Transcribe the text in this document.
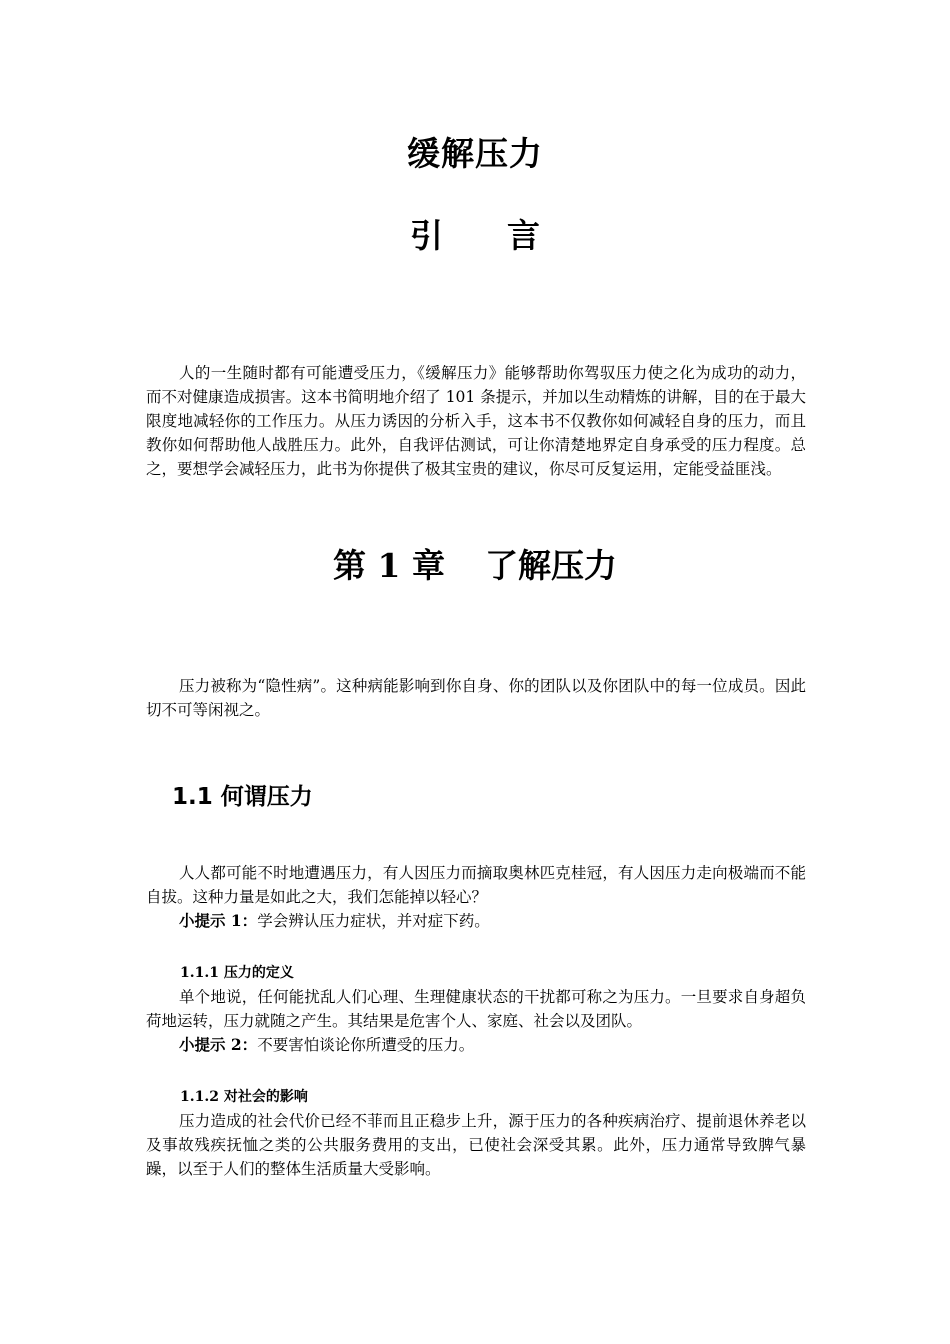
缓解压力
引 言

人的一生随时都有可能遭受压力，《缓解压力》能够帮助你驾驭压力使之化为成功的动力，而不对健康造成损害。这本书简明地介绍了 101 条提示，并加以生动精炼的讲解，目的在于最大限度地减轻你的工作压力。从压力诱因的分析入手，这本书不仅教你如何减轻自身的压力，而且教你如何帮助他人战胜压力。此外，自我评估测试，可让你清楚地界定自身承受的压力程度。总之，要想学会减轻压力，此书为你提供了极其宝贵的建议，你尽可反复运用，定能受益匪浅。

第 1 章 了解压力

压力被称为“隐性病”。这种病能影响到你自身、你的团队以及你团队中的每一位成员。因此切不可等闲视之。

1.1 何谓压力

人人都可能不时地遭遇压力，有人因压力而摘取奥林匹克桂冠，有人因压力走向极端而不能自拔。这种力量是如此之大，我们怎能掉以轻心？

小提示 1：学会辨认压力症状，并对症下药。

1.1.1 压力的定义

单个地说，任何能扰乱人们心理、生理健康状态的干扰都可称之为压力。一旦要求自身超负荷地运转，压力就随之产生。其结果是危害个人、家庭、社会以及团队。

小提示 2：不要害怕谈论你所遭受的压力。

1.1.2 对社会的影响

压力造成的社会代价已经不菲而且正稳步上升，源于压力的各种疾病治疗、提前退休养老以及事故残疾抚恤之类的公共服务费用的支出，已使社会深受其累。此外，压力通常导致脾气暴躁，以至于人们的整体生活质量大受影响。
